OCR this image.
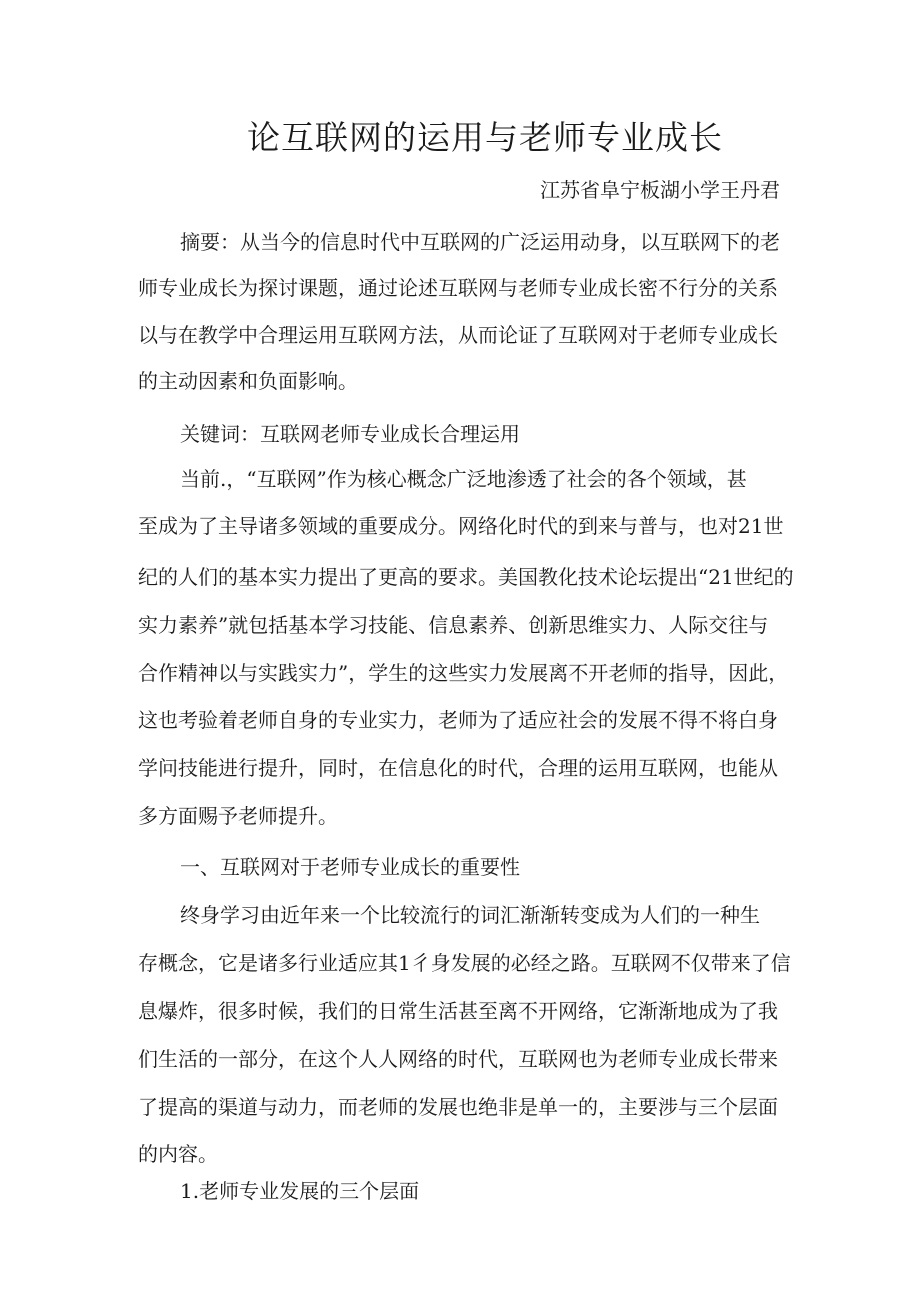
论互联网的运用与老师专业成长
江苏省阜宁板湖小学王丹君
摘要：从当今的信息时代中互联网的广泛运用动身，以互联网下的老
师专业成长为探讨课题，通过论述互联网与老师专业成长密不行分的关系
以与在教学中合理运用互联网方法，从而论证了互联网对于老师专业成长
的主动因素和负面影响。
关键词：互联网老师专业成长合理运用
当前.，“互联网”作为核心概念广泛地渗透了社会的各个领域，甚
至成为了主导诸多领域的重要成分。网络化时代的到来与普与，也对21世
纪的人们的基本实力提出了更高的要求。美国教化技术论坛提出“21世纪的
实力素养”就包括基本学习技能、信息素养、创新思维实力、人际交往与
合作精神以与实践实力”，学生的这些实力发展离不开老师的指导，因此，
这也考验着老师自身的专业实力，老师为了适应社会的发展不得不将白身
学问技能进行提升，同时，在信息化的时代，合理的运用互联网，也能从
多方面赐予老师提升。
一、互联网对于老师专业成长的重要性
终身学习由近年来一个比较流行的词汇渐渐转变成为人们的一种生
存概念，它是诸多行业适应其1彳身发展的必经之路。互联网不仅带来了信
息爆炸，很多时候，我们的日常生活甚至离不开网络，它渐渐地成为了我
们生活的一部分，在这个人人网络的时代，互联网也为老师专业成长带来
了提高的渠道与动力，而老师的发展也绝非是单一的，主要涉与三个层面
的内容。
1.老师专业发展的三个层面
